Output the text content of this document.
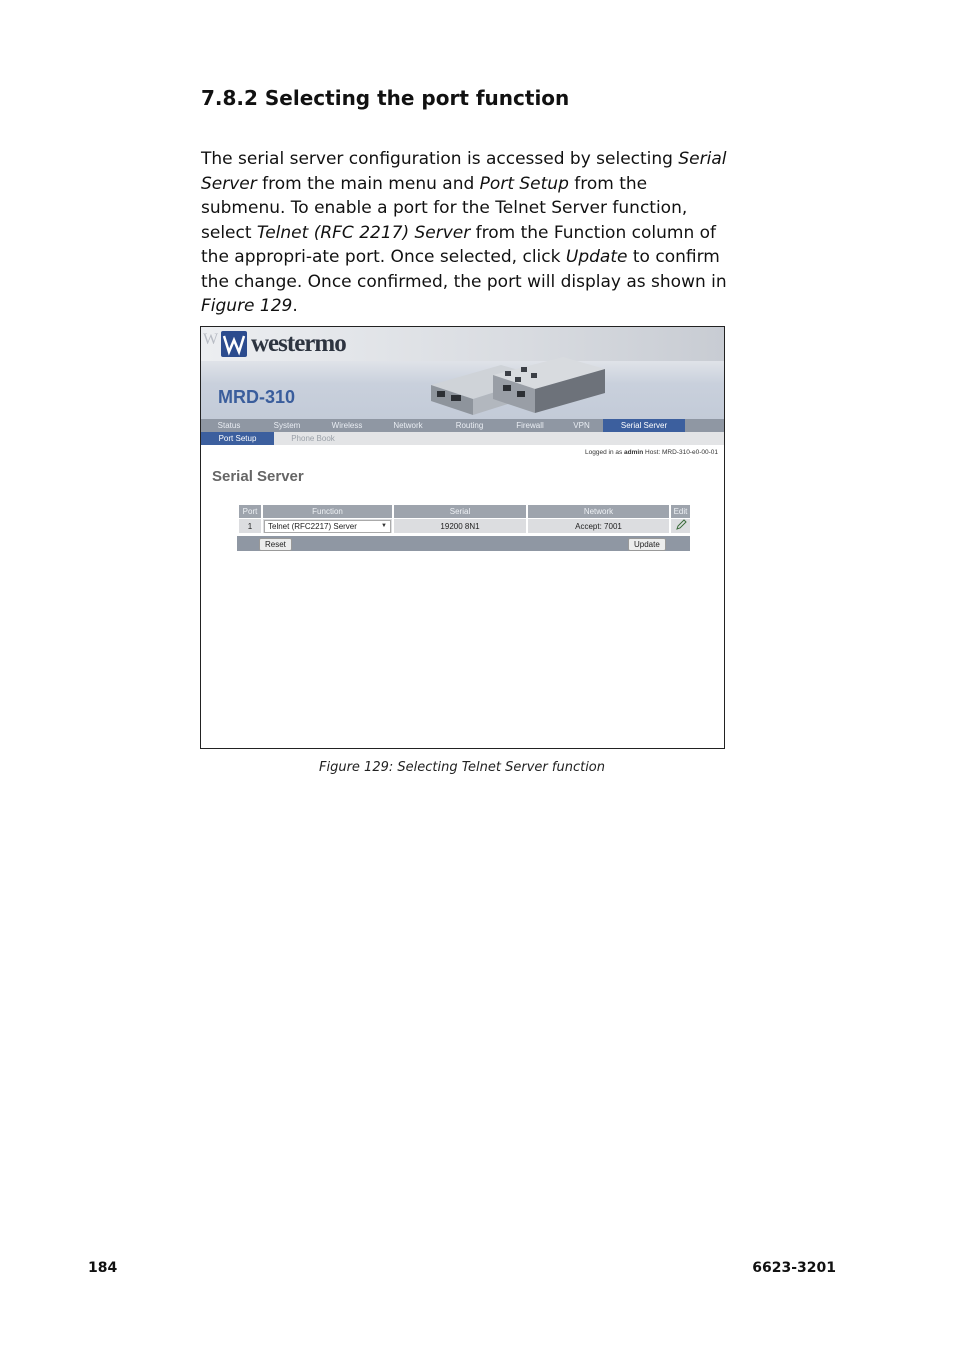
7.8.2 Selecting the port function

The serial server configuration is accessed by selecting Serial Server from the main menu and Port Setup from the submenu. To enable a port for the Telnet Server function, select Telnet (RFC 2217) Server from the Function column of the appropri-ate port. Once selected, click Update to confirm the change. Once confirmed, the port will display as shown in Figure 129.

W westermo
MRD-310
Status	System	Wireless	Network	Routing	Firewall	VPN	Serial Server
Port Setup	Phone Book
Logged in as admin Host: MRD-310-e0-00-01
Serial Server
Port	Function	Serial	Network	Edit
1	Telnet (RFC2217) Server ▼	19200 8N1	Accept: 7001	
Reset	Update
Figure 129: Selecting Telnet Server function
184	6623-3201
